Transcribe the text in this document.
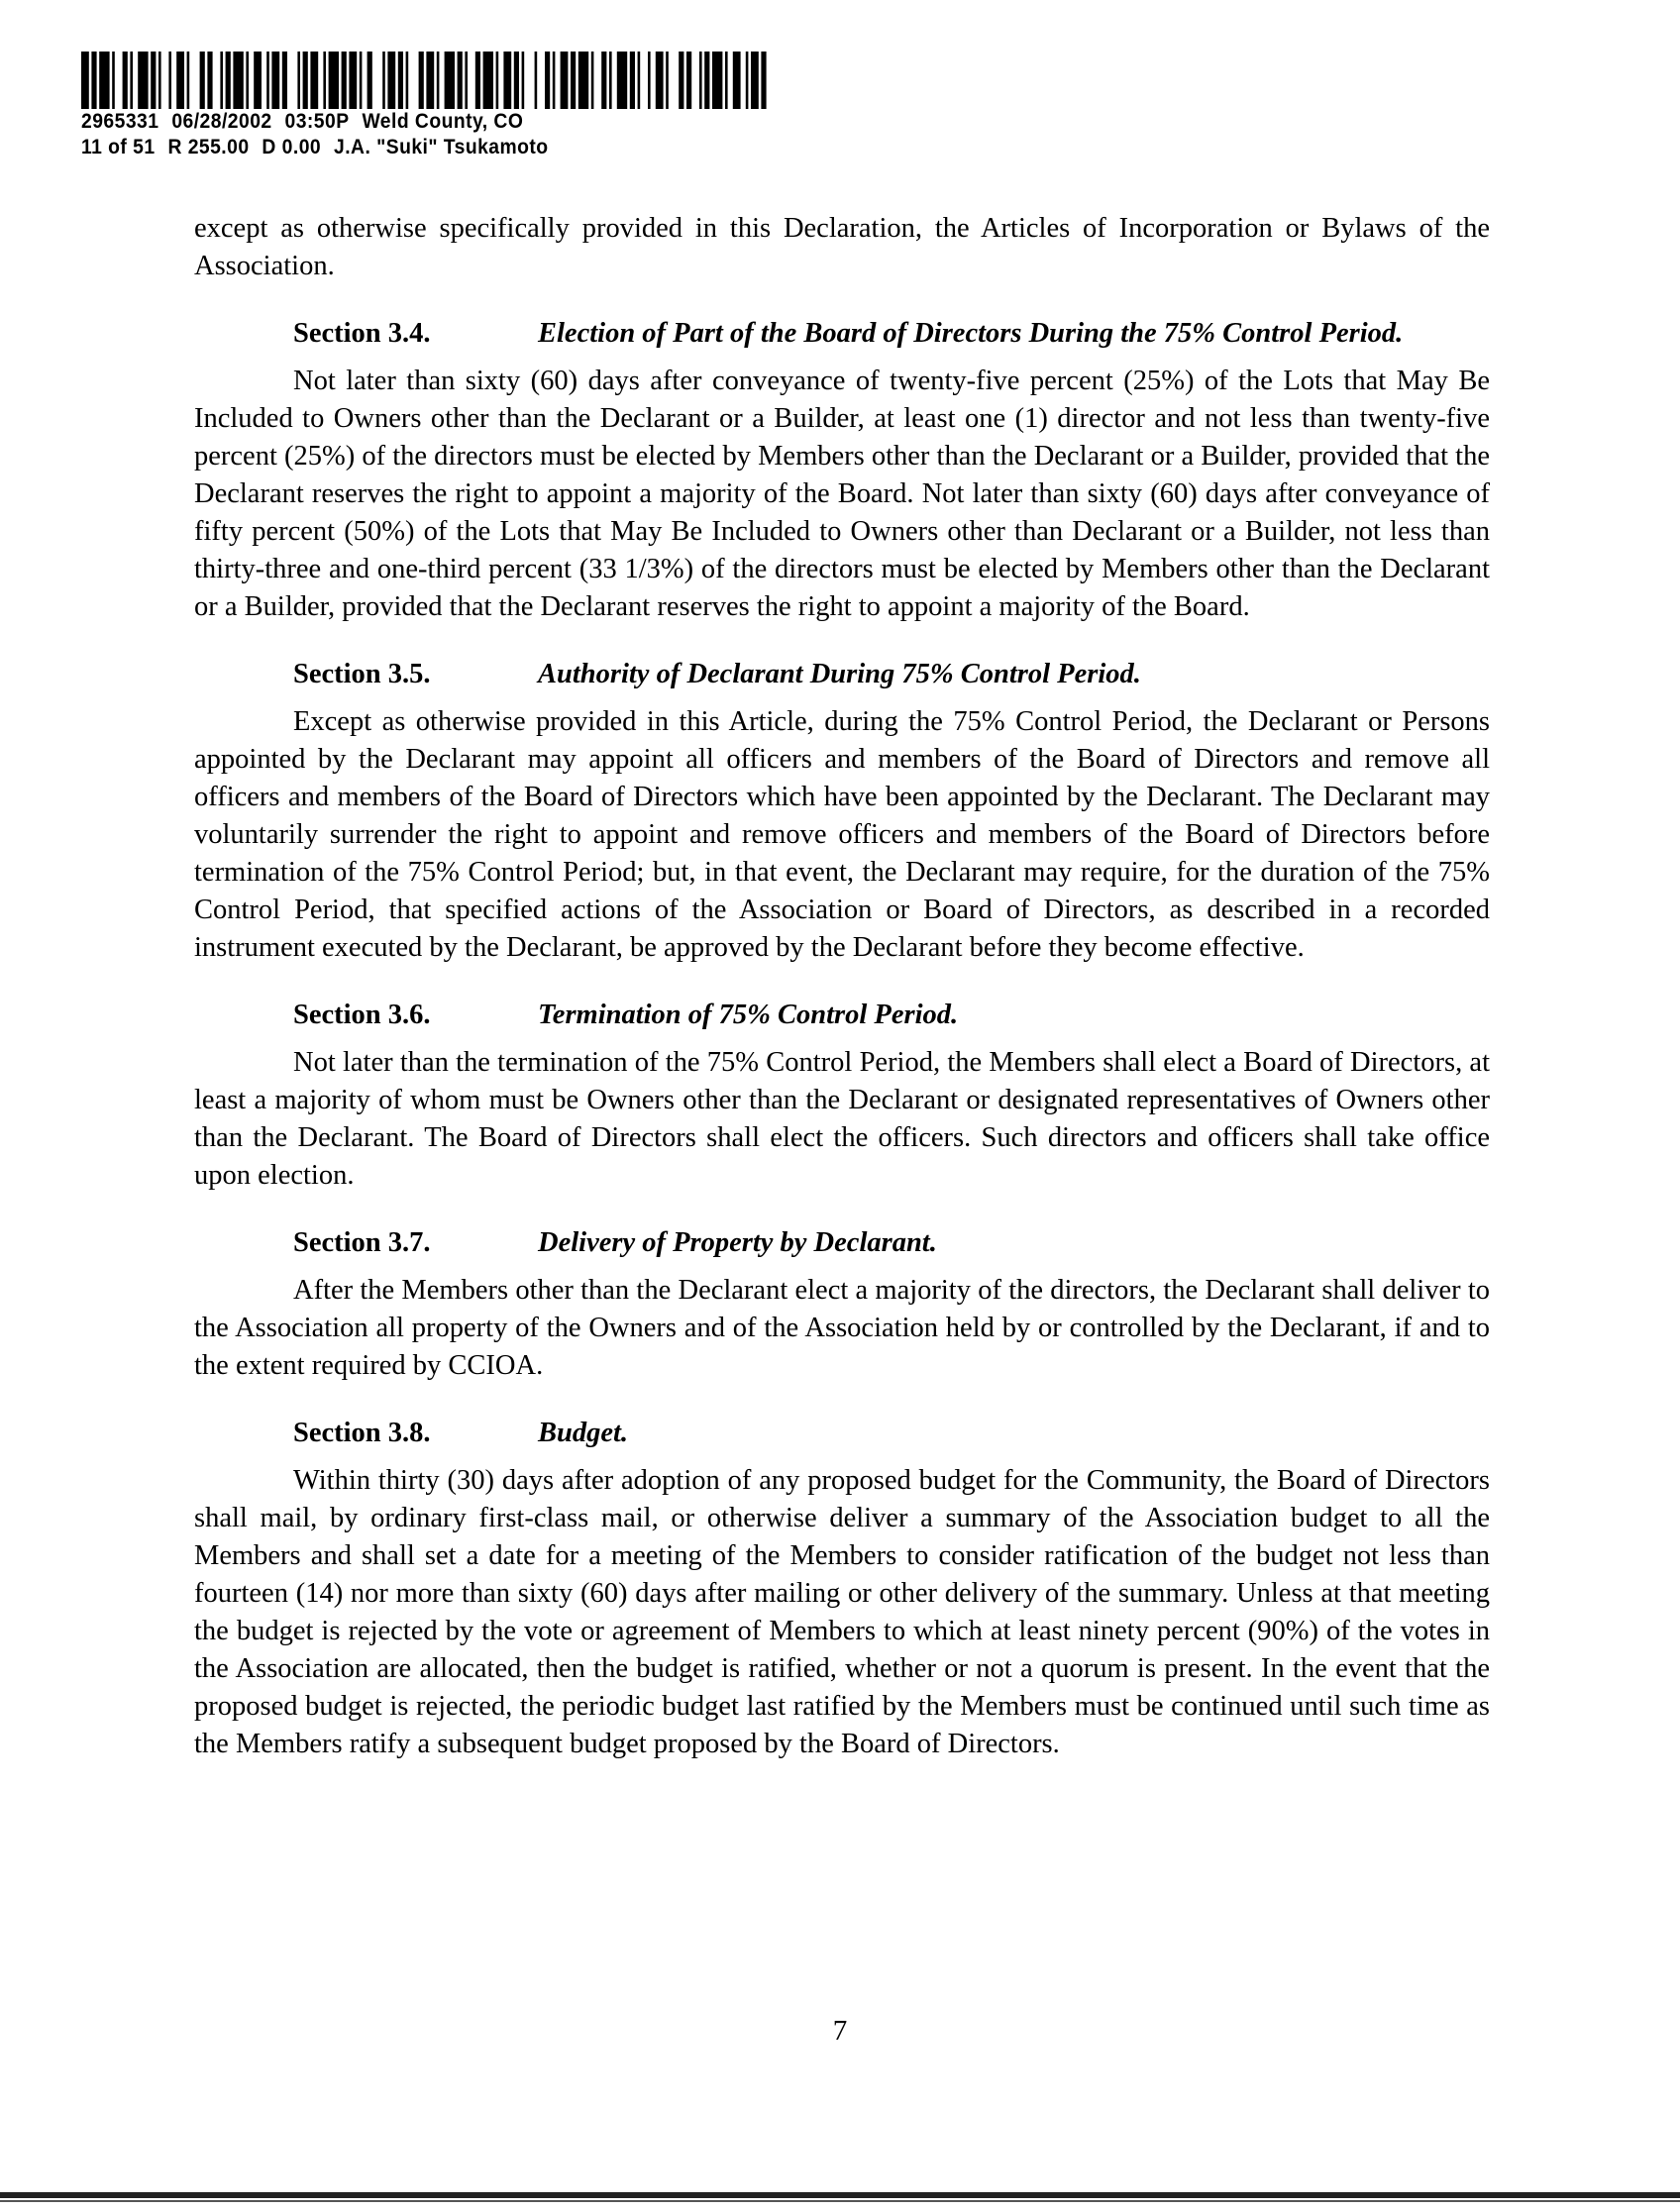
2965331 06/28/2002 03:50P Weld County, CO
11 of 51 R 255.00 D 0.00 J.A. "Suki" Tsukamoto

except as otherwise specifically provided in this Declaration, the Articles of Incorporation or Bylaws of the Association.

Section 3.4.	Election of Part of the Board of Directors During the 75% Control Period.

Not later than sixty (60) days after conveyance of twenty-five percent (25%) of the Lots that May Be Included to Owners other than the Declarant or a Builder, at least one (1) director and not less than twenty-five percent (25%) of the directors must be elected by Members other than the Declarant or a Builder, provided that the Declarant reserves the right to appoint a majority of the Board. Not later than sixty (60) days after conveyance of fifty percent (50%) of the Lots that May Be Included to Owners other than Declarant or a Builder, not less than thirty-three and one-third percent (33 1/3%) of the directors must be elected by Members other than the Declarant or a Builder, provided that the Declarant reserves the right to appoint a majority of the Board.

Section 3.5.	Authority of Declarant During 75% Control Period.

Except as otherwise provided in this Article, during the 75% Control Period, the Declarant or Persons appointed by the Declarant may appoint all officers and members of the Board of Directors and remove all officers and members of the Board of Directors which have been appointed by the Declarant. The Declarant may voluntarily surrender the right to appoint and remove officers and members of the Board of Directors before termination of the 75% Control Period; but, in that event, the Declarant may require, for the duration of the 75% Control Period, that specified actions of the Association or Board of Directors, as described in a recorded instrument executed by the Declarant, be approved by the Declarant before they become effective.

Section 3.6.	Termination of 75% Control Period.

Not later than the termination of the 75% Control Period, the Members shall elect a Board of Directors, at least a majority of whom must be Owners other than the Declarant or designated representatives of Owners other than the Declarant. The Board of Directors shall elect the officers. Such directors and officers shall take office upon election.

Section 3.7.	Delivery of Property by Declarant.

After the Members other than the Declarant elect a majority of the directors, the Declarant shall deliver to the Association all property of the Owners and of the Association held by or controlled by the Declarant, if and to the extent required by CCIOA.

Section 3.8.	Budget.

Within thirty (30) days after adoption of any proposed budget for the Community, the Board of Directors shall mail, by ordinary first-class mail, or otherwise deliver a summary of the Association budget to all the Members and shall set a date for a meeting of the Members to consider ratification of the budget not less than fourteen (14) nor more than sixty (60) days after mailing or other delivery of the summary. Unless at that meeting the budget is rejected by the vote or agreement of Members to which at least ninety percent (90%) of the votes in the Association are allocated, then the budget is ratified, whether or not a quorum is present. In the event that the proposed budget is rejected, the periodic budget last ratified by the Members must be continued until such time as the Members ratify a subsequent budget proposed by the Board of Directors.

7
